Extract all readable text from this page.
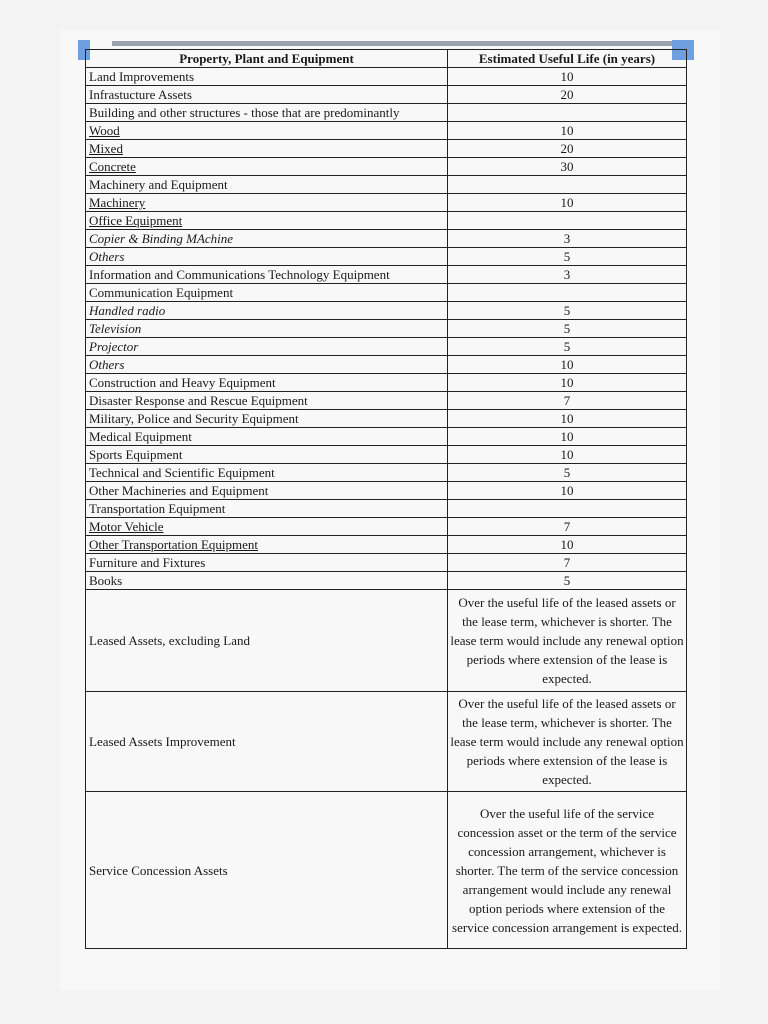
Property, Plant and Equipment	Estimated Useful Life (in years)
Land Improvements	10
Infrastucture Assets	20
Building and other structures - those that are predominantly	
Wood	10
Mixed	20
Concrete	30
Machinery and Equipment	
Machinery	10
Office Equipment	
Copier & Binding MAchine	3
Others	5
Information and Communications Technology Equipment	3
Communication Equipment	
Handled radio	5
Television	5
Projector	5
Others	10
Construction and Heavy Equipment	10
Disaster Response and Rescue Equipment	7
Military, Police and Security Equipment	10
Medical Equipment	10
Sports Equipment	10
Technical and Scientific Equipment	5
Other Machineries and Equipment	10
Transportation Equipment	
Motor Vehicle	7
Other Transportation Equipment	10
Furniture and Fixtures	7
Books	5
Leased Assets, excluding Land	Over the useful life of the leased assets or the lease term, whichever is shorter. The lease term would include any renewal option periods where extension of the lease is expected.
Leased Assets Improvement	Over the useful life of the leased assets or the lease term, whichever is shorter. The lease term would include any renewal option periods where extension of the lease is expected.
Service Concession Assets	Over the useful life of the service concession asset or the term of the service concession arrangement, whichever is shorter. The term of the service concession arrangement would include any renewal option periods where extension of the service concession arrangement is expected.
